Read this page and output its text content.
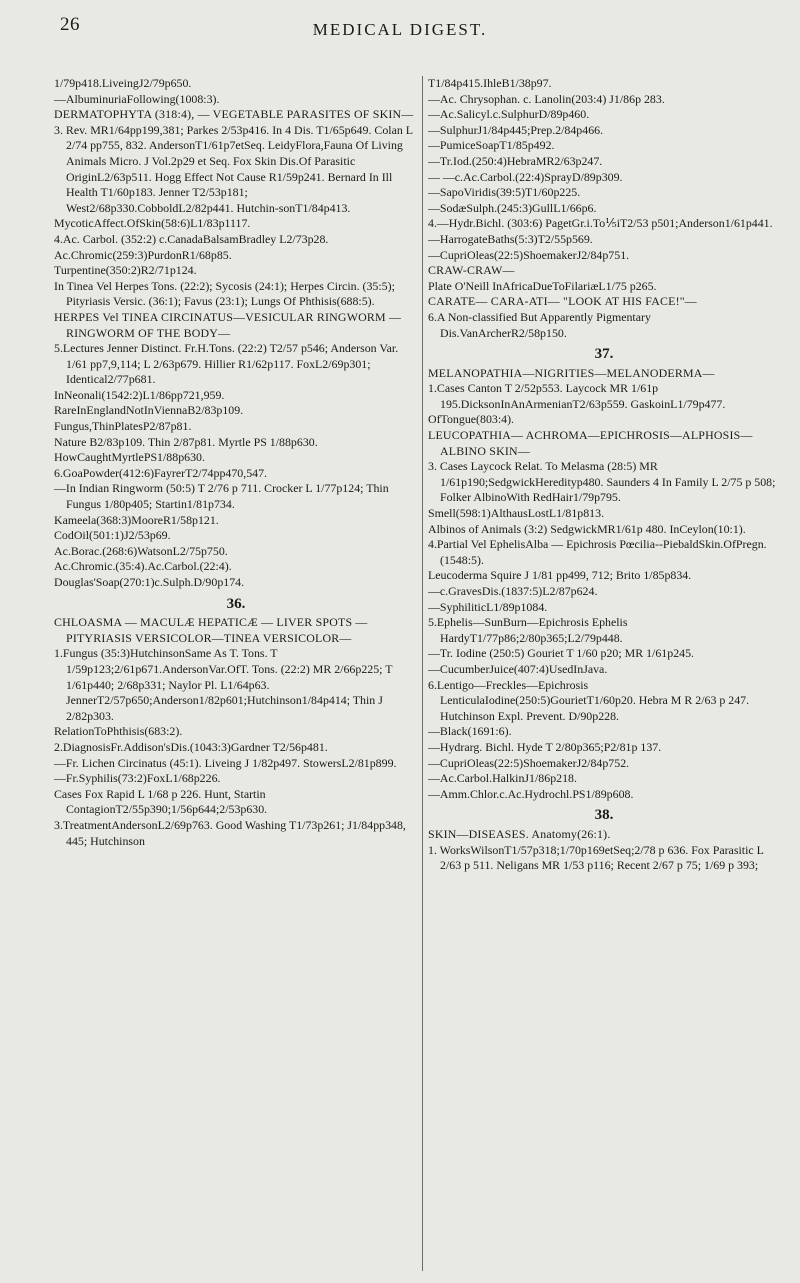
26	MEDICAL DIGEST.
1/79p418.LiveingJ2/79p650.
—AlbuminuriaFollowing(1008:3).
DERMATOPHYTA (318:4), — VEGETABLE PARASITES OF SKIN—
3. Rev. MR1/64pp199,381; Parkes 2/53p416. In 4 Dis. T1/65p649. Colan L 2/74 pp755, 832. AndersonT1/61p7etSeq. LeidyFlora,Fauna Of Living Animals Micro. J Vol.2p29 et Seq. Fox Skin Dis.Of Parasitic OriginL2/63p511. Hogg Effect Not Cause R1/59p241. Bernard In Ill Health T1/60p183. Jenner T2/53p181; West2/68p330.CobboldL2/82p441. Hutchin-sonT1/84p413.
MycoticAffect.OfSkin(58:6)L1/83p1117.
4.Ac. Carbol. (352:2) c.CanadaBalsamBradley L2/73p28.
Ac.Chromic(259:3)PurdonR1/68p85.
Turpentine(350:2)R2/71p124.
In Tinea Vel Herpes Tons. (22:2); Sycosis (24:1); Herpes Circin. (35:5); Pityriasis Versic. (36:1); Favus (23:1); Lungs Of Phthisis(688:5).
HERPES Vel TINEA CIRCINATUS—VESICULAR RINGWORM — RINGWORM OF THE BODY—
5.Lectures Jenner Distinct. Fr.H.Tons. (22:2) T2/57 p546; Anderson Var. 1/61 pp7,9,114; L 2/63p679. Hillier R1/62p117. FoxL2/69p301; Identical2/77p681.
InNeonali(1542:2)L1/86pp721,959.
RareInEnglandNotInViennaB2/83p109.
Fungus,ThinPlatesP2/87p81.
Nature B2/83p109. Thin 2/87p81. Myrtle PS 1/88p630.
HowCaughtMyrtlePS1/88p630.
6.GoaPowder(412:6)FayrerT2/74pp470,547.
—In Indian Ringworm (50:5) T 2/76 p 711. Crocker L 1/77p124; Thin Fungus 1/80p405; Startin1/81p734.
Kameela(368:3)MooreR1/58p121.
CodOil(501:1)J2/53p69.
Ac.Borac.(268:6)WatsonL2/75p750.
Ac.Chromic.(35:4).Ac.Carbol.(22:4).
Douglas'Soap(270:1)c.Sulph.D/90p174.
36.
CHLOASMA — MACULÆ HEPATICÆ — LIVER SPOTS — PITYRIASIS VERSICOLOR—TINEA VERSICOLOR—
1.Fungus (35:3)HutchinsonSame As T. Tons. T 1/59p123;2/61p671.AndersonVar.OfT. Tons. (22:2) MR 2/66p225; T 1/61p440; 2/68p331; Naylor Pl. L1/64p63. JennerT2/57p650;Anderson1/82p601;Hutchinson1/84p414; Thin J 2/82p303.
RelationToPhthisis(683:2).
2.DiagnosisFr.Addison'sDis.(1043:3)Gardner T2/56p481.
—Fr. Lichen Circinatus (45:1). Liveing J 1/82p497. StowersL2/81p899.
—Fr.Syphilis(73:2)FoxL1/68p226.
Cases Fox Rapid L 1/68 p 226. Hunt, Startin ContagionT2/55p390;1/56p644;2/53p630.
3.TreatmentAndersonL2/69p763. Good Washing T1/73p261; J1/84pp348, 445; Hutchinson
T1/84p415.IhleB1/38p97.
—Ac. Chrysophan. c. Lanolin(203:4) J1/86p 283.
—Ac.Salicyl.c.SulphurD/89p460.
—SulphurJ1/84p445;Prep.2/84p466.
—PumiceSoapT1/85p492.
—Tr.Iod.(250:4)HebraMR2/63p247.
— —c.Ac.Carbol.(22:4)SprayD/89p309.
—SapoViridis(39:5)T1/60p225.
—SodæSulph.(245:3)GullL1/66p6.
4.—Hydr.Bichl. (303:6) PagetGr.i.To⅕iT2/53 p501;Anderson1/61p441.
—HarrogateBaths(5:3)T2/55p569.
—CupriOleas(22:5)ShoemakerJ2/84p751.
CRAW-CRAW—
Plate O'Neill InAfricaDueToFilariæL1/75 p265.
CARATE— CARA-ATI— "LOOK AT HIS FACE!"—
6.A Non-classified But Apparently Pigmentary Dis.VanArcherR2/58p150.
37.
MELANOPATHIA—NIGRITIES—MELANODERMA—
1.Cases Canton T 2/52p553. Laycock MR 1/61p 195.DicksonInAnArmenianT2/63p559. GaskoinL1/79p477.
OfTongue(803:4).
LEUCOPATHIA— ACHROMA—EPICHROSIS—ALPHOSIS—ALBINO SKIN—
3. Cases Laycock Relat. To Melasma (28:5) MR 1/61p190;SedgwickHeredityp480. Saunders 4 In Family L 2/75 p 508; Folker AlbinoWith RedHair1/79p795.
Smell(598:1)AlthausLostL1/81p813.
Albinos of Animals (3:2) SedgwickMR1/61p 480. InCeylon(10:1).
4.Partial Vel EphelisAlba — Epichrosis Pœcilia--PiebaldSkin.OfPregn.(1548:5).
Leucoderma Squire J 1/81 pp499, 712; Brito 1/85p834.
—c.GravesDis.(1837:5)L2/87p624.
—SyphiliticL1/89p1084.
5.Ephelis—SunBurn—Epichrosis Ephelis HardyT1/77p86;2/80p365;L2/79p448.
—Tr. Iodine (250:5) Gouriet T 1/60 p20; MR 1/61p245.
—CucumberJuice(407:4)UsedInJava.
6.Lentigo—Freckles—Epichrosis LenticulaIodine(250:5)GourietT1/60p20. Hebra M R 2/63 p 247. Hutchinson Expl. Prevent. D/90p228.
—Black(1691:6).
—Hydrarg. Bichl. Hyde T 2/80p365;P2/81p 137.
—CupriOleas(22:5)ShoemakerJ2/84p752.
—Ac.Carbol.HalkinJ1/86p218.
—Amm.Chlor.c.Ac.Hydrochl.PS1/89p608.
38.
SKIN—DISEASES. Anatomy(26:1).
1. WorksWilsonT1/57p318;1/70p169etSeq;2/78 p 636. Fox Parasitic L 2/63 p 511. Neligans MR 1/53 p116; Recent 2/67 p 75; 1/69 p 393;
